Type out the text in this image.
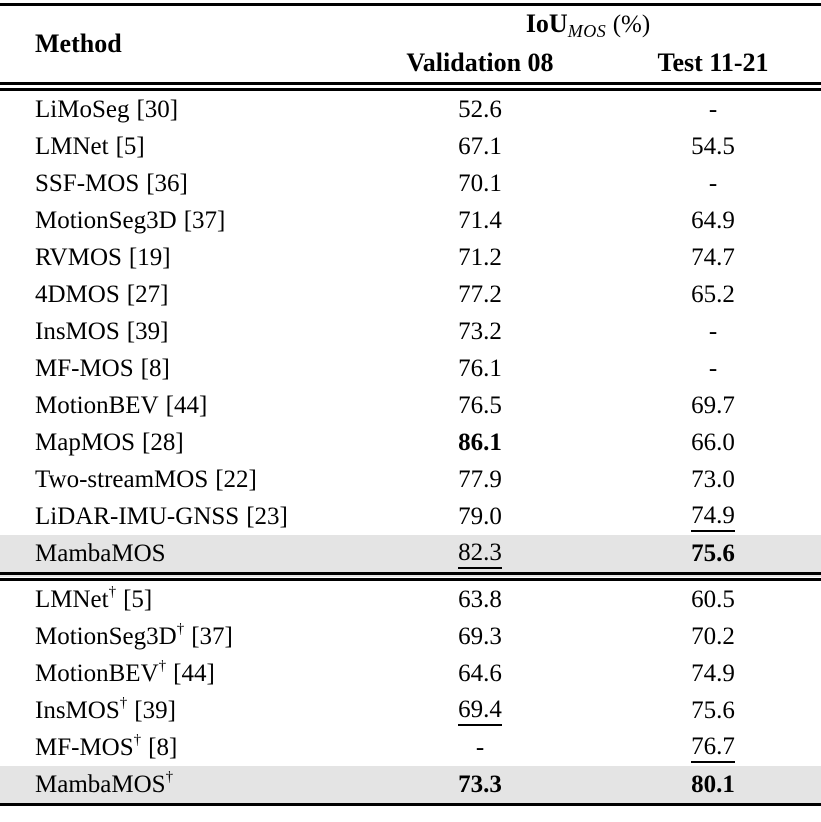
Method	IoU$_{MOS}$ (%)	
	Validation 08	Test 11-21
LiMoSeg [30]	52.6	-
LMNet [5]	67.1	54.5
SSF-MOS [36]	70.1	-
MotionSeg3D [37]	71.4	64.9
RVMOS [19]	71.2	74.7
4DMOS [27]	77.2	65.2
InsMOS [39]	73.2	-
MF-MOS [8]	76.1	-
MotionBEV [44]	76.5	69.7
MapMOS [28]	86.1	66.0
Two-streamMOS [22]	77.9	73.0
LiDAR-IMU-GNSS [23]	79.0	74.9
MambaMOS	82.3	75.6
LMNet† [5]	63.8	60.5
MotionSeg3D† [37]	69.3	70.2
MotionBEV† [44]	64.6	74.9
InsMOS† [39]	69.4	75.6
MF-MOS† [8]	-	76.7
MambaMOS†	73.3	80.1
